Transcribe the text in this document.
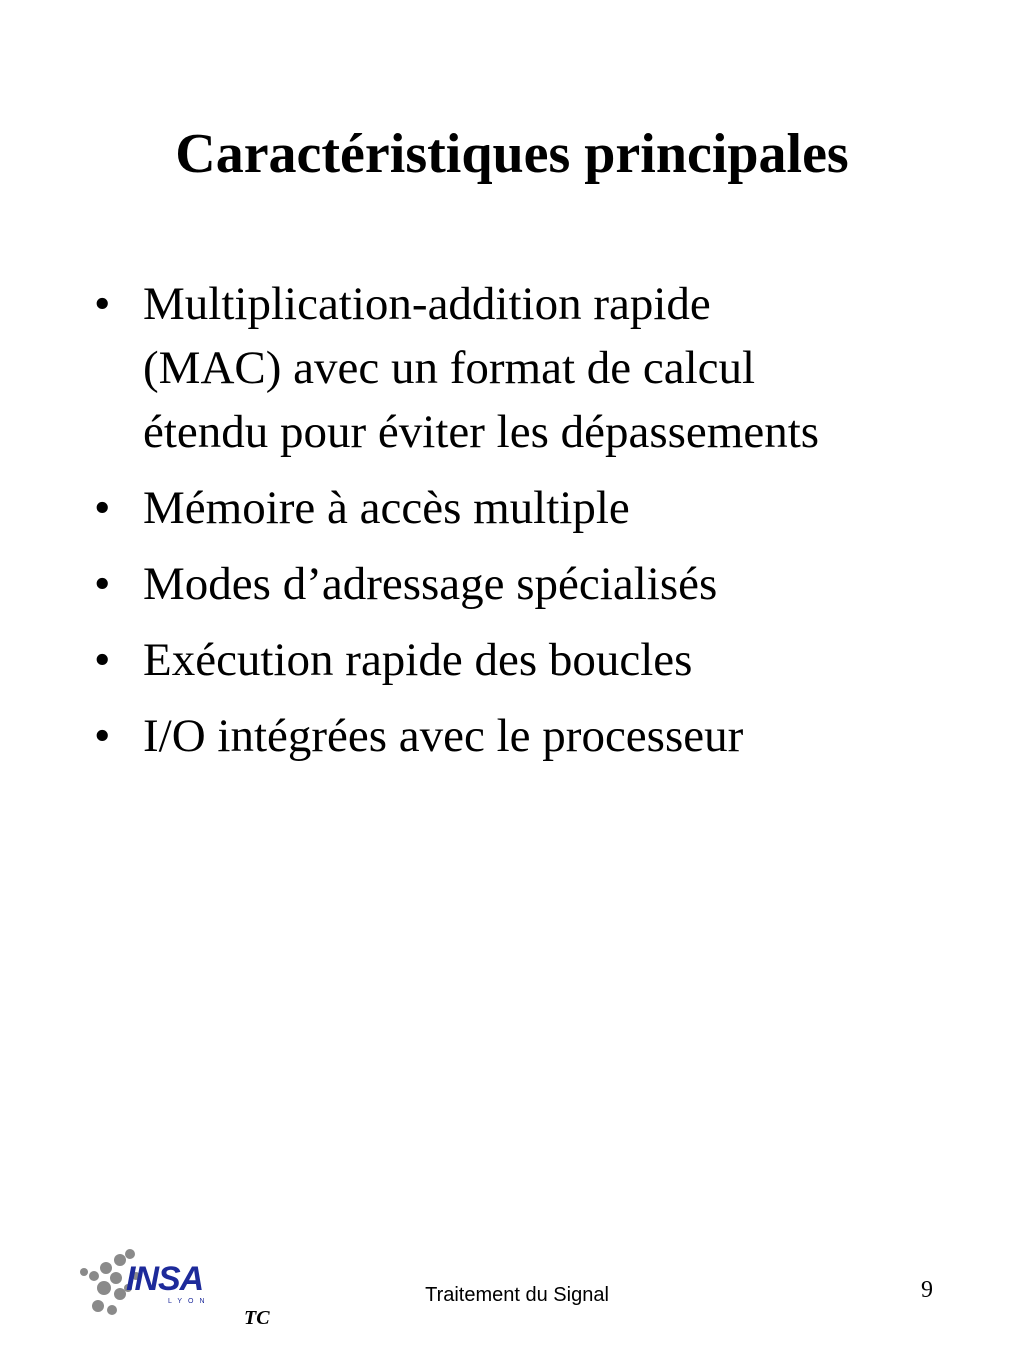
Caractéristiques principales
• Multiplication-addition rapide
(MAC) avec un format de calcul
étendu pour éviter les dépassements
• Mémoire à accès multiple
• Modes d’adressage spécialisés
• Exécution rapide des boucles
• I/O intégrées avec le processeur
INSA
LYON
TC
Traitement du Signal	9
